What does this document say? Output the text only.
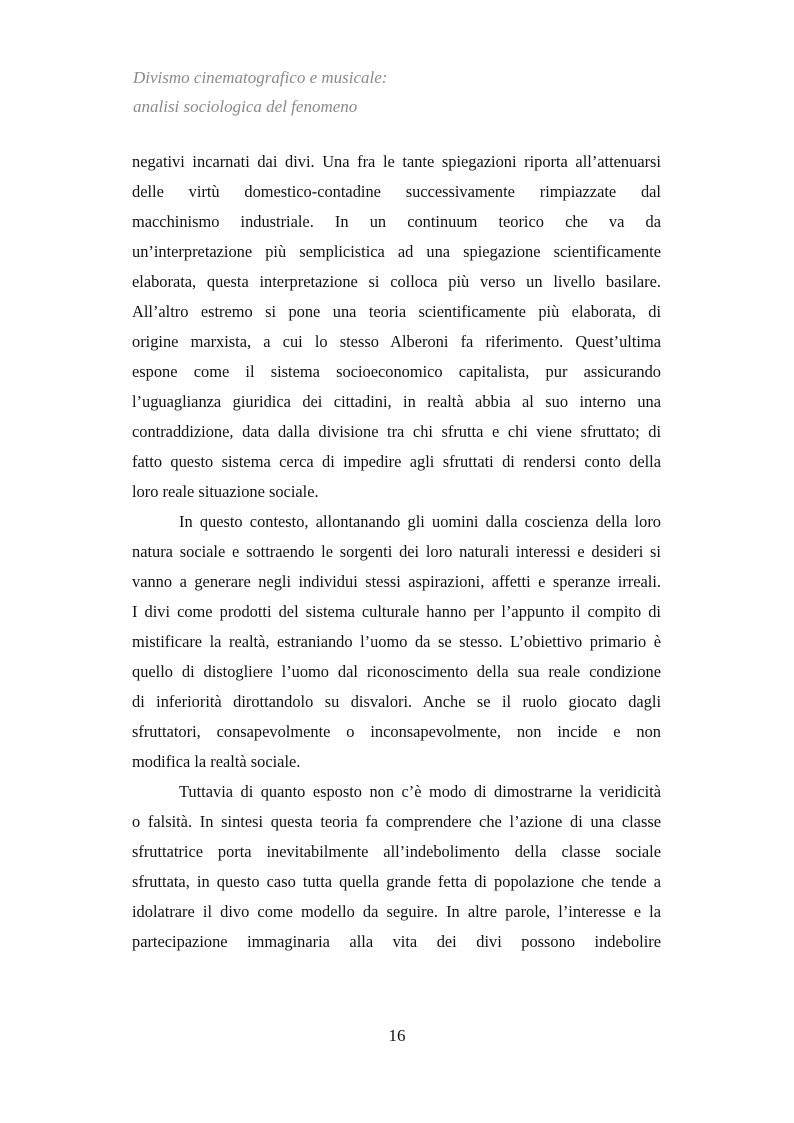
Divismo cinematografico e musicale:
analisi sociologica del fenomeno

negativi incarnati dai divi. Una fra le tante spiegazioni riporta all’attenuarsi
delle virtù domestico-contadine successivamente rimpiazzate dal
macchinismo industriale. In un continuum teorico che va da
un’interpretazione più semplicistica ad una spiegazione scientificamente
elaborata, questa interpretazione si colloca più verso un livello basilare.
All’altro estremo si pone una teoria scientificamente più elaborata, di
origine marxista, a cui lo stesso Alberoni fa riferimento. Quest’ultima
espone come il sistema socioeconomico capitalista, pur assicurando
l’uguaglianza giuridica dei cittadini, in realtà abbia al suo interno una
contraddizione, data dalla divisione tra chi sfrutta e chi viene sfruttato; di
fatto questo sistema cerca di impedire agli sfruttati di rendersi conto della
loro reale situazione sociale.

In questo contesto, allontanando gli uomini dalla coscienza della loro
natura sociale e sottraendo le sorgenti dei loro naturali interessi e desideri si
vanno a generare negli individui stessi aspirazioni, affetti e speranze irreali.
I divi come prodotti del sistema culturale hanno per l’appunto il compito di
mistificare la realtà, estraniando l’uomo da se stesso. L’obiettivo primario è
quello di distogliere l’uomo dal riconoscimento della sua reale condizione
di inferiorità dirottandolo su disvalori. Anche se il ruolo giocato dagli
sfruttatori, consapevolmente o inconsapevolmente, non incide e non
modifica la realtà sociale.

Tuttavia di quanto esposto non c’è modo di dimostrarne la veridicità
o falsità. In sintesi questa teoria fa comprendere che l’azione di una classe
sfruttatrice porta inevitabilmente all’indebolimento della classe sociale
sfruttata, in questo caso tutta quella grande fetta di popolazione che tende a
idolatrare il divo come modello da seguire. In altre parole, l’interesse e la
partecipazione immaginaria alla vita dei divi possono indebolire

16
